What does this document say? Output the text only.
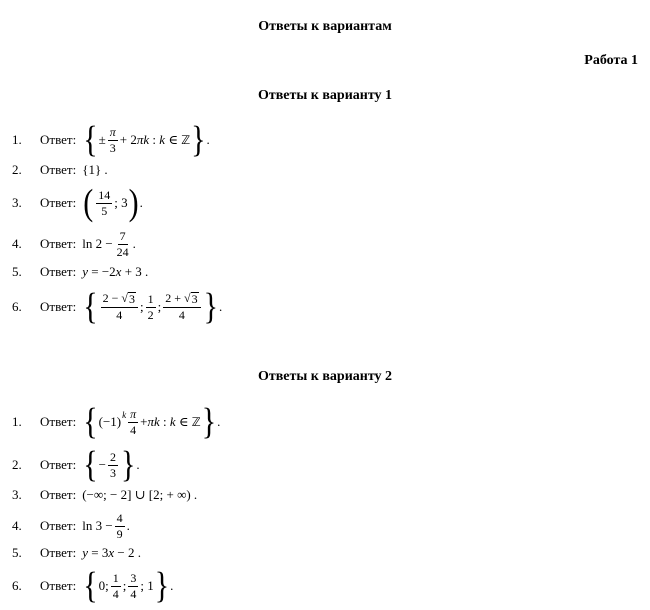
Ответы к вариантам
Работа 1
Ответы к варианту 1
1.	Ответ: { ± $\frac{\pi}{3} + 2$ πk : k ∈ ℤ } .
2.	Ответ: {1} .
3.	Ответ: ( $\frac{14}{5}$ ; 3 ) .
4.	Ответ: $\ln 2 - \frac{7}{24}$ .
5.	Ответ: y = −2 x + 3 .
6.	Ответ: { $\frac{2 - √ 3}{4}$ ; $\frac{1}{2}$ ; $\frac{2 + √ 3}{4}$ } .
Ответы к варианту 2
1.	Ответ: { (−1) k $\frac{\pi}{4} + \pi k$ : k ∈ ℤ } .
2.	Ответ: { − $\frac{2}{3}$ } .
3.	Ответ: (−∞; − 2] ∪ [2; + ∞) .
4.	Ответ: $\ln 3 - \frac{4}{9}$ .
5.	Ответ: y = 3 x − 2 .
6.	Ответ: { 0; $\frac{1}{4}$ ; $\frac{3}{4}$ ; 1 } .
